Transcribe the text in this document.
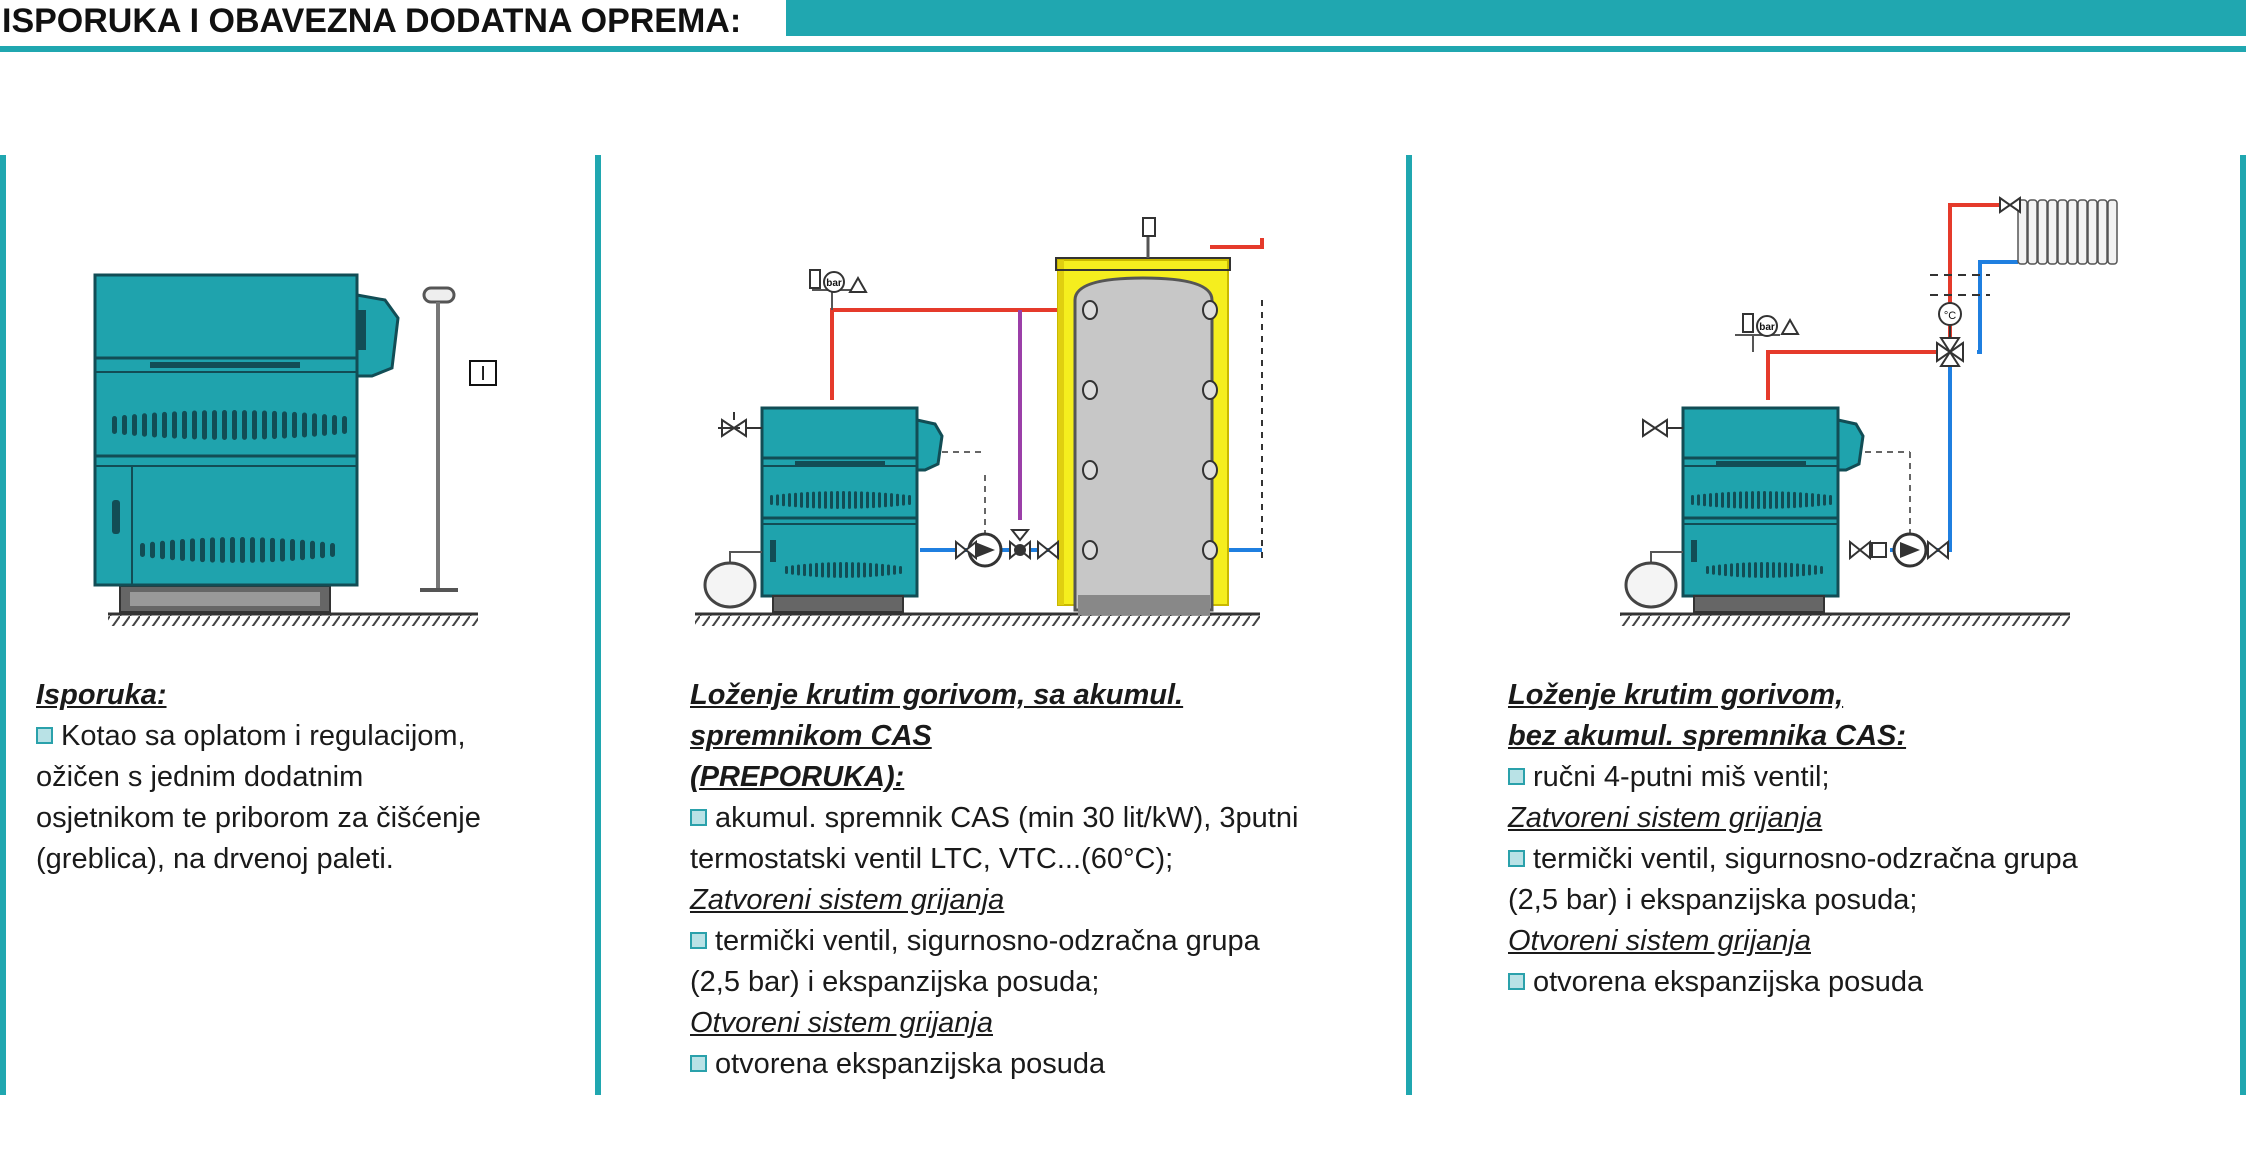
ISPORUKA I OBAVEZNA DODATNA OPREMA:
I
bar
°C
bar

Isporuka:

Kotao sa oplatom i regulacijom,

ožičen s jednim dodatnim

osjetnikom te priborom za čišćenje

(greblica), na drvenoj paleti.

Loženje krutim gorivom, sa akumul.

spremnikom CAS

(PREPORUKA):

akumul. spremnik CAS (min 30 lit/kW), 3putni

termostatski ventil LTC, VTC...(60°C);

Zatvoreni sistem grijanja

termički ventil, sigurnosno-odzračna grupa

(2,5 bar) i ekspanzijska posuda;

Otvoreni sistem grijanja

otvorena ekspanzijska posuda

Loženje krutim gorivom,

bez akumul. spremnika CAS:

ručni 4-putni miš ventil;

Zatvoreni sistem grijanja

termički ventil, sigurnosno-odzračna grupa

(2,5 bar) i ekspanzijska posuda;

Otvoreni sistem grijanja

otvorena ekspanzijska posuda
